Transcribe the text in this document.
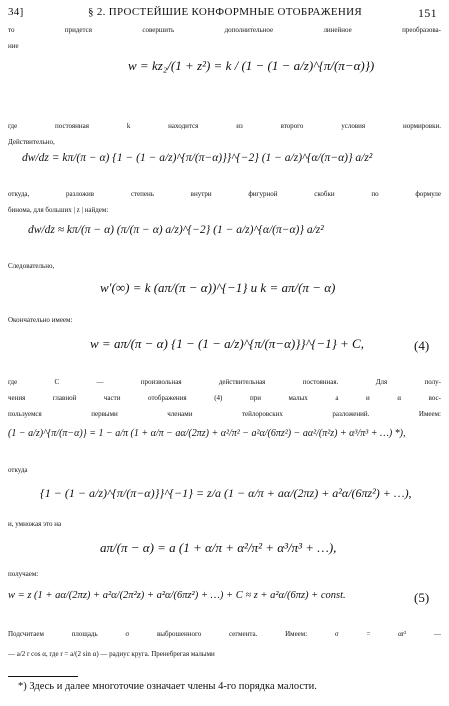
34]	§ 2. ПРОСТЕЙШИЕ КОНФОРМНЫЕ ОТОБРАЖЕНИЯ	151
то придется совершить дополнительное линейное преобразова-
ние
w = kz₂/(1 + z²) = k / (1 − (1 − a/z)^{π/(π−α)})
где постоянная k находится из второго условия нормировки.
Действительно,
dw/dz = kπ/(π − α) {1 − (1 − a/z)^{π/(π−α)}}^{−2} (1 − a/z)^{α/(π−α)} a/z²
откуда, разложив степень внутри фигурной скобки по формуле
бинома, для больших | z | найдем:
dw/dz ≈ kπ/(π − α) (π/(π − α) a/z)^{−2} (1 − a/z)^{α/(π−α)} a/z²
Следовательно,
w′(∞) = k (aπ/(π − α))^{−1} и k = aπ/(π − α)
Окончательно имеем:
w = aπ/(π − α) {1 − (1 − a/z)^{π/(π−α)}}^{−1} + C,	(4)
где C — произвольная действительная постоянная. Для полу-
чения главной части отображения (4) при малых a и α вос-
пользуемся первыми членами тейлоровских разложений. Имеем:
(1 − a/z)^{π/(π−α)} = 1 − a/π (1 + α/π − aα/(2πz) + α²/π² − a²α/(6πz²) − aα²/(π²z) + α³/π³ + …) *),
откуда
{1 − (1 − a/z)^{π/(π−α)}}^{−1} = z/a (1 − α/π + aα/(2πz) + a²α/(6πz²) + …),
и, умножая это на
aπ/(π − α) = a (1 + α/π + α²/π² + α³/π³ + …),
получаем:
w = z (1 + aα/(2πz) + a²α/(2π²z) + a²α/(6πz²) + …) + C ≈ z + a²α/(6πz) + const.	(5)
Подсчитаем площадь σ выброшенного сегмента. Имеем: σ = αr² —
— a/2 r cos α, где r = a/(2 sin α) — радиус круга. Пренебрегая малыми
*) Здесь и далее многоточие означает члены 4-го порядка малости.
